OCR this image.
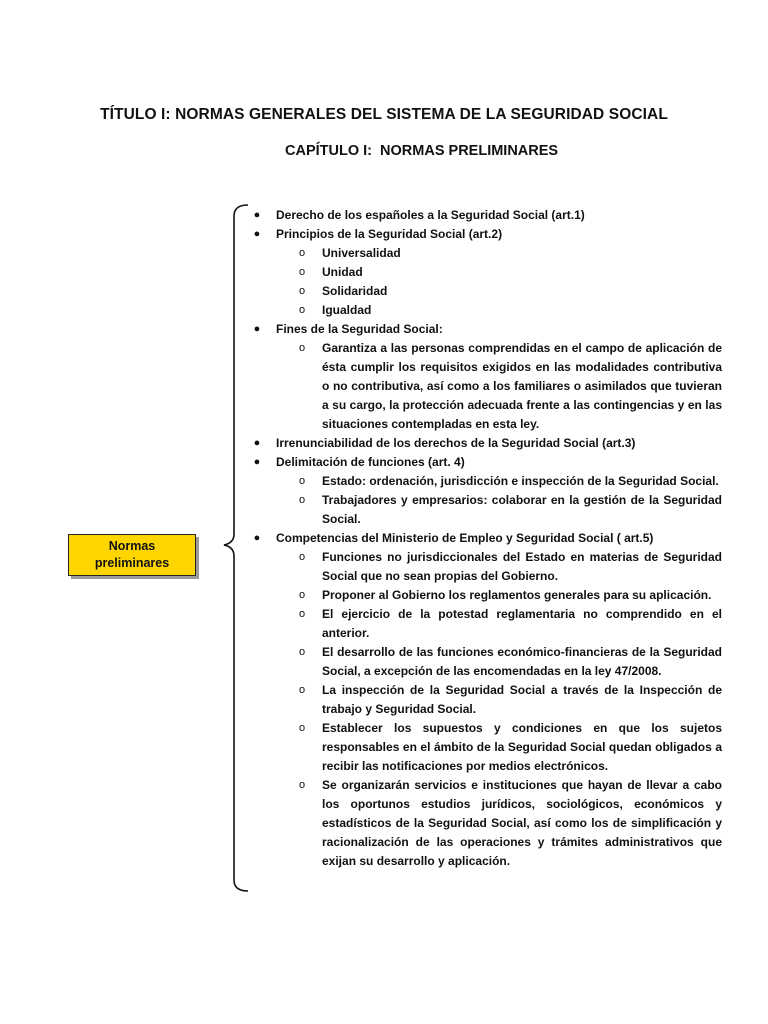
TÍTULO I: NORMAS GENERALES DEL SISTEMA DE LA SEGURIDAD SOCIAL
CAPÍTULO I:  NORMAS PRELIMINARES
Normas
preliminares
● Derecho de los españoles a la Seguridad Social (art.1)
● Principios de la Seguridad Social (art.2)
o Universalidad
o Unidad
o Solidaridad
o Igualdad
● Fines de la Seguridad Social:
o Garantiza a las personas comprendidas en el campo de aplicación de ésta cumplir los requisitos exigidos en las modalidades contributiva o no contributiva, así como a los familiares o asimilados que tuvieran a su cargo, la protección adecuada frente a las contingencias y en las situaciones contempladas en esta ley.
● Irrenunciabilidad de los derechos de la Seguridad Social (art.3)
● Delimitación de funciones (art. 4)
o Estado: ordenación, jurisdicción e inspección de la Seguridad Social.
o Trabajadores y empresarios: colaborar en la gestión de la Seguridad Social.
● Competencias del Ministerio de Empleo y Seguridad Social ( art.5)
o Funciones no jurisdiccionales del Estado en materias de Seguridad Social que no sean propias del Gobierno.
o Proponer al Gobierno los reglamentos generales para su aplicación.
o El ejercicio de la potestad reglamentaria no comprendido en el anterior.
o El desarrollo de las funciones económico-financieras de la Seguridad Social, a excepción de las encomendadas en la ley 47/2008.
o La inspección de la Seguridad Social a través de la Inspección de trabajo y Seguridad Social.
o Establecer los supuestos y condiciones en que los sujetos responsables en el ámbito de la Seguridad Social quedan obligados a recibir las notificaciones por medios electrónicos.
o Se organizarán servicios e instituciones que hayan de llevar a cabo los oportunos estudios jurídicos, sociológicos, económicos y estadísticos de la Seguridad Social, así como los de simplificación y racionalización de las operaciones y trámites administrativos que exijan su desarrollo y aplicación.
